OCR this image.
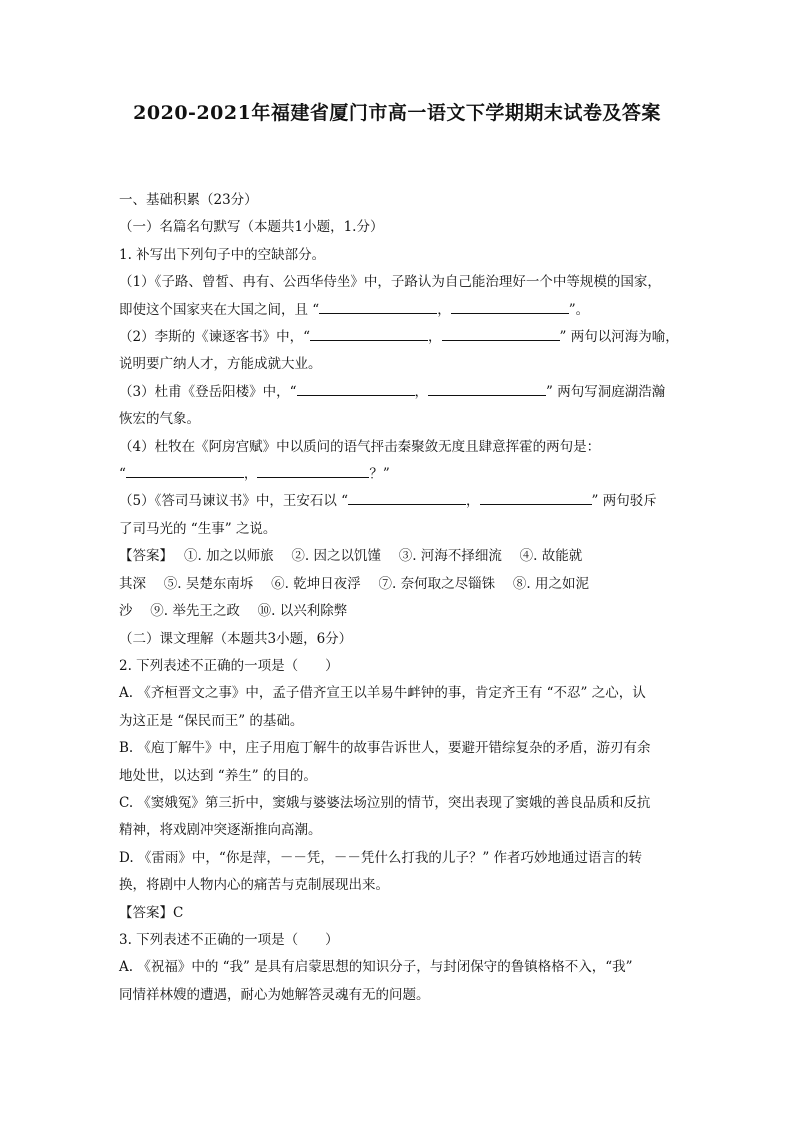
2020-2021年福建省厦门市高一语文下学期期末试卷及答案

一、基础积累（23分）

（一）名篇名句默写（本题共1小题，1.分）

1. 补写出下列句子中的空缺部分。

（1）《子路、曾皙、冉有、公西华侍坐》中，子路认为自己能治理好一个中等规模的国家，

即使这个国家夹在大国之间，且 “	，	”。

（2）李斯的《谏逐客书》中，“	，	” 两句以河海为喻，

说明要广纳人才，方能成就大业。

（3）杜甫《登岳阳楼》中，“	，	” 两句写洞庭湖浩瀚

恢宏的气象。

（4）杜牧在《阿房宫赋》中以质问的语气抨击秦聚敛无度且肆意挥霍的两句是：

“	，	？”

（5）《答司马谏议书》中，王安石以 “	，	” 两句驳斥

了司马光的 “生事” 之说。

【答案】　 ①. 加之以师旅　 ②. 因之以饥馑　 ③. 河海不择细流　 ④. 故能就

其深　 ⑤. 吴楚东南坼　 ⑥. 乾坤日夜浮　 ⑦. 奈何取之尽锱铢　 ⑧. 用之如泥

沙　 ⑨. 举先王之政　 ⑩. 以兴利除弊

（二）课文理解（本题共3小题，6分）

2. 下列表述不正确的一项是（　　）

A. 《齐桓晋文之事》中，孟子借齐宣王以羊易牛衅钟的事，肯定齐王有 “不忍” 之心，认

为这正是 “保民而王” 的基础。

B. 《庖丁解牛》中，庄子用庖丁解牛的故事告诉世人，要避开错综复杂的矛盾，游刃有余

地处世，以达到 “养生” 的目的。

C. 《窦娥冤》第三折中，窦娥与婆婆法场泣别的情节，突出表现了窦娥的善良品质和反抗

精神，将戏剧冲突逐渐推向高潮。

D. 《雷雨》中，“你是萍，－－凭，－－凭什么打我的儿子？” 作者巧妙地通过语言的转

换，将剧中人物内心的痛苦与克制展现出来。

【答案】C

3. 下列表述不正确的一项是（　　）

A. 《祝福》中的 “我” 是具有启蒙思想的知识分子，与封闭保守的鲁镇格格不入，“我”

同情祥林嫂的遭遇，耐心为她解答灵魂有无的问题。
